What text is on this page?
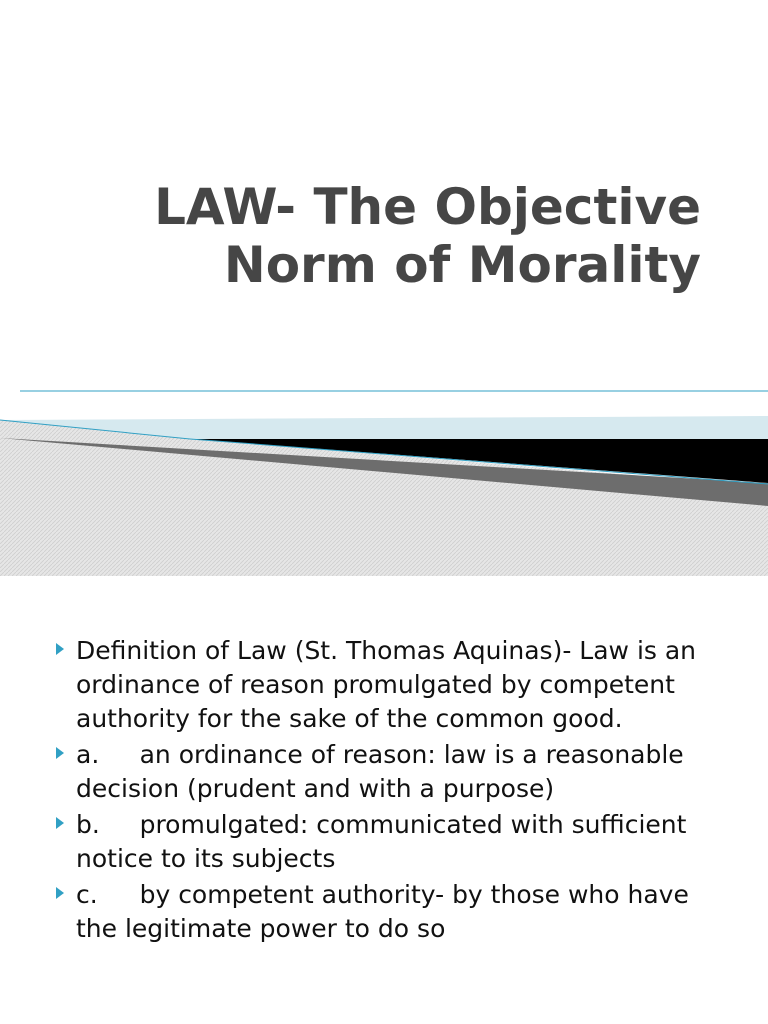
LAW- The Objective
Norm of Morality
Definition of Law (St. Thomas Aquinas)- Law is an ordinance of reason promulgated by competent authority for the sake of the common good.
a.	an ordinance of reason: law is a reasonable decision (prudent and with a purpose)
b.	promulgated: communicated with sufficient notice to its subjects
c.	by competent authority- by those who have the legitimate power to do so
